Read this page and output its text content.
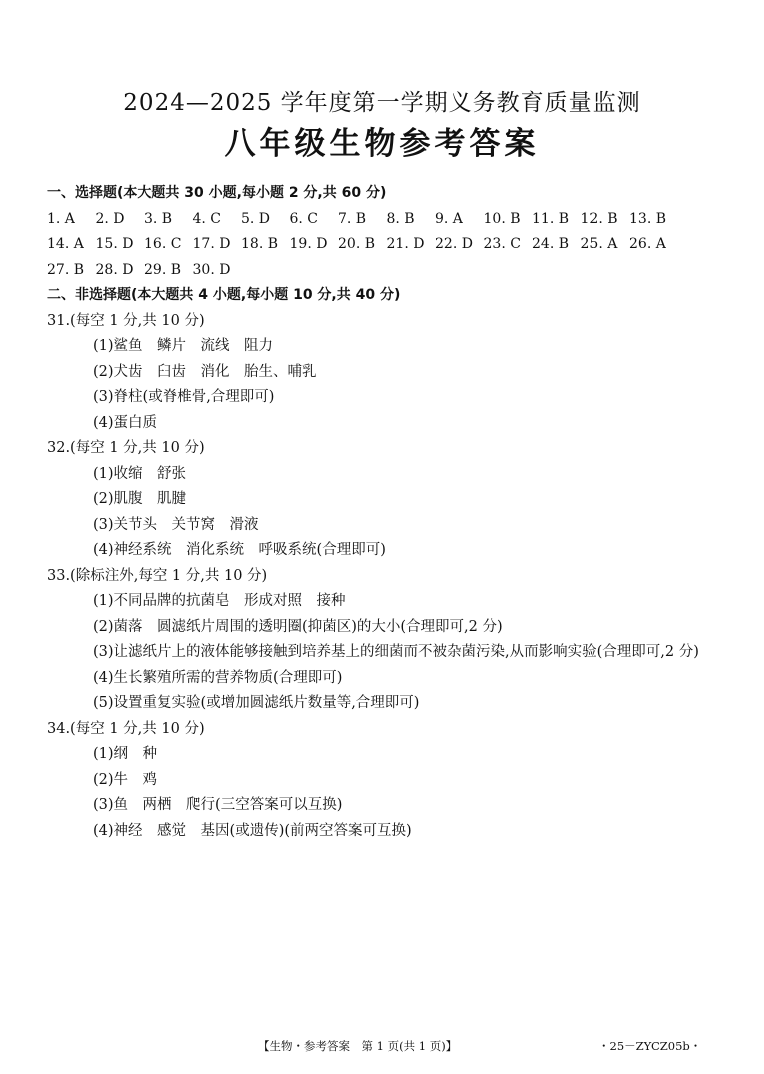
2024—2025 学年度第一学期义务教育质量监测
八年级生物参考答案
一、选择题(本大题共 30 小题,每小题 2 分,共 60 分)
1. A	2. D	3. B	4. C	5. D	6. C	7. B	8. B	9. A	10. B 11. B 12. B 13. B
14. A 15. D 16. C 17. D 18. B 19. D 20. B 21. D 22. D 23. C 24. B 25. A 26. A
27. B 28. D 29. B 30. D
二、非选择题(本大题共 4 小题,每小题 10 分,共 40 分)
31.(每空 1 分,共 10 分)
(1)鲨鱼　鳞片　流线　阻力
(2)犬齿　臼齿　消化　胎生、哺乳
(3)脊柱(或脊椎骨,合理即可)
(4)蛋白质
32.(每空 1 分,共 10 分)
(1)收缩　舒张
(2)肌腹　肌腱
(3)关节头　关节窝　滑液
(4)神经系统　消化系统　呼吸系统(合理即可)
33.(除标注外,每空 1 分,共 10 分)
(1)不同品牌的抗菌皂　形成对照　接种
(2)菌落　圆滤纸片周围的透明圈(抑菌区)的大小(合理即可,2 分)
(3)让滤纸片上的液体能够接触到培养基上的细菌而不被杂菌污染,从而影响实验(合理即可,2 分)
(4)生长繁殖所需的营养物质(合理即可)
(5)设置重复实验(或增加圆滤纸片数量等,合理即可)
34.(每空 1 分,共 10 分)
(1)纲　种
(2)牛　鸡
(3)鱼　两栖　爬行(三空答案可以互换)
(4)神经　感觉　基因(或遗传)(前两空答案可互换)
【生物・参考答案　第 1 页(共 1 页)】	・25－ZYCZ05b・
